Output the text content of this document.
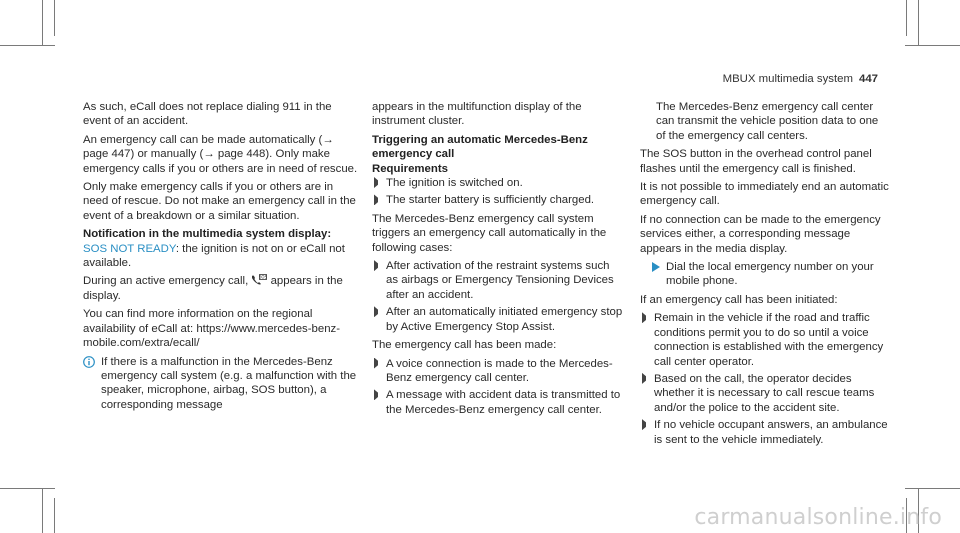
MBUX multimedia system 447

As such, eCall does not replace dialing 911 in the event of an accident.

An emergency call can be made automatically (→ page 447) or manually (→ page 448). Only make emergency calls if you or others are in need of rescue.

Only make emergency calls if you or others are in need of rescue. Do not make an emergency call in the event of a breakdown or a similar situation.

Notification in the multimedia system display:

SOS NOT READY: the ignition is not on or eCall not available.

During an active emergency call, SOS appears in the display.

You can find more information on the regional availability of eCall at: https://www.mercedes-benz-mobile.com/extra/ecall/

If there is a malfunction in the Mercedes-Benz emergency call system (e.g. a malfunction with the speaker, microphone, airbag, SOS button), a corresponding message

appears in the multifunction display of the instrument cluster.

Triggering an automatic Mercedes-Benz emergency call

Requirements

The ignition is switched on.
The starter battery is sufficiently charged.

The Mercedes-Benz emergency call system triggers an emergency call automatically in the following cases:

After activation of the restraint systems such as airbags or Emergency Tensioning Devices after an accident.
After an automatically initiated emergency stop by Active Emergency Stop Assist.

The emergency call has been made:

A voice connection is made to the Mercedes-Benz emergency call center.
A message with accident data is transmitted to the Mercedes-Benz emergency call center.

The Mercedes-Benz emergency call center can transmit the vehicle position data to one of the emergency call centers.

The SOS button in the overhead control panel flashes until the emergency call is finished.

It is not possible to immediately end an automatic emergency call.

If no connection can be made to the emergency services either, a corresponding message appears in the media display.

Dial the local emergency number on your mobile phone.

If an emergency call has been initiated:

Remain in the vehicle if the road and traffic conditions permit you to do so until a voice connection is established with the emergency call center operator.
Based on the call, the operator decides whether it is necessary to call rescue teams and/or the police to the accident site.
If no vehicle occupant answers, an ambulance is sent to the vehicle immediately.
carmanualsonline.info
